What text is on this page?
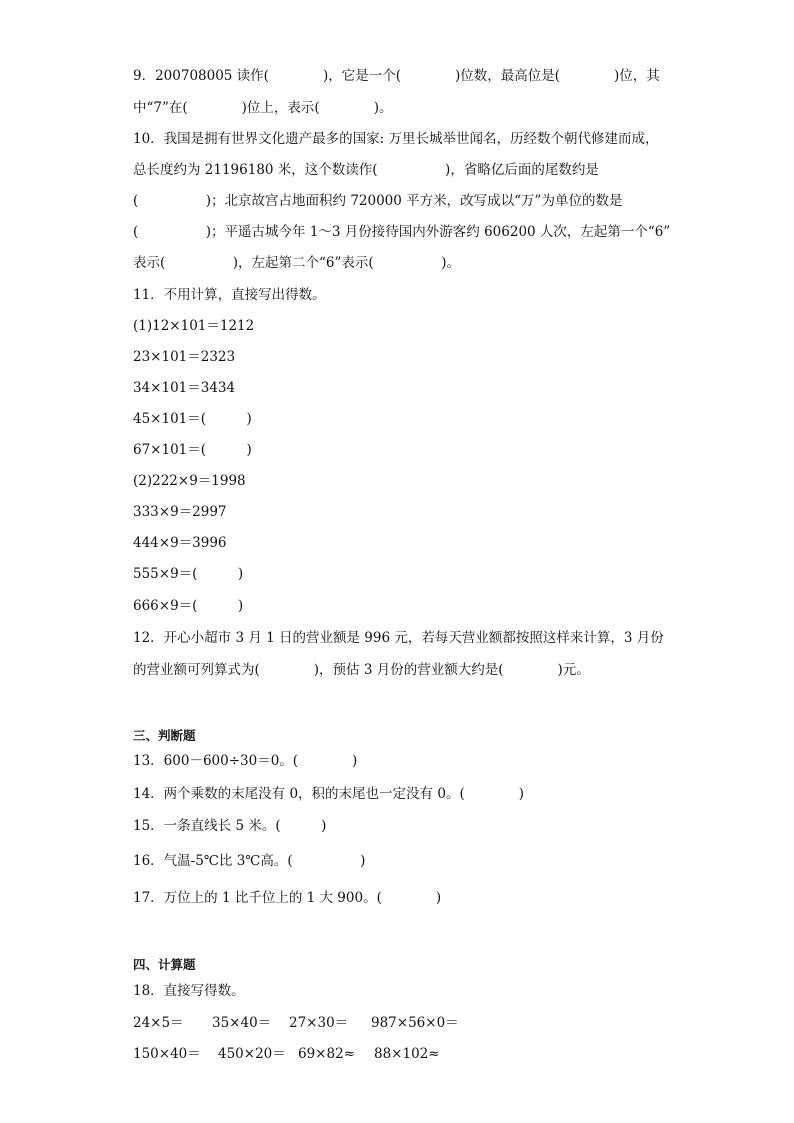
9．200708005 读作(　　　　)，它是一个(　　　　)位数，最高位是(　　　　)位，其
中“7”在(　　　　)位上，表示(　　　　)。
10．我国是拥有世界文化遗产最多的国家: 万里长城举世闻名，历经数个朝代修建而成，
总长度约为 21196180 米，这个数读作(　　　　　)，省略亿后面的尾数约是
(　　　　　)；北京故宫占地面积约 720000 平方米，改写成以“万”为单位的数是
(　　　　　)；平遥古城今年 1～3 月份接待国内外游客约 606200 人次，左起第一个“6”
表示(　　　　　)，左起第二个“6”表示(　　　　　)。
11．不用计算，直接写出得数。
(1)12×101＝1212
23×101＝2323
34×101＝3434
45×101＝(　　　)
67×101＝(　　　)
(2)222×9＝1998
333×9＝2997
444×9＝3996
555×9＝(　　　)
666×9＝(　　　)
12．开心小超市 3 月 1 日的营业额是 996 元，若每天营业额都按照这样来计算，3 月份
的营业额可列算式为(　　　　)，预估 3 月份的营业额大约是(　　　　)元。
三、判断题
13．600－600÷30＝0。(　　　　)
14．两个乘数的末尾没有 0，积的末尾也一定没有 0。(　　　　)
15．一条直线长 5 米。(　　　)
16．气温-5℃比 3℃高。(　　　　　)
17．万位上的 1 比千位上的 1 大 900。(　　　　)
四、计算题
18．直接写得数。
24×5＝ 35×40＝ 27×30＝ 987×56×0＝
150×40＝ 450×20＝ 69×82≈ 88×102≈
